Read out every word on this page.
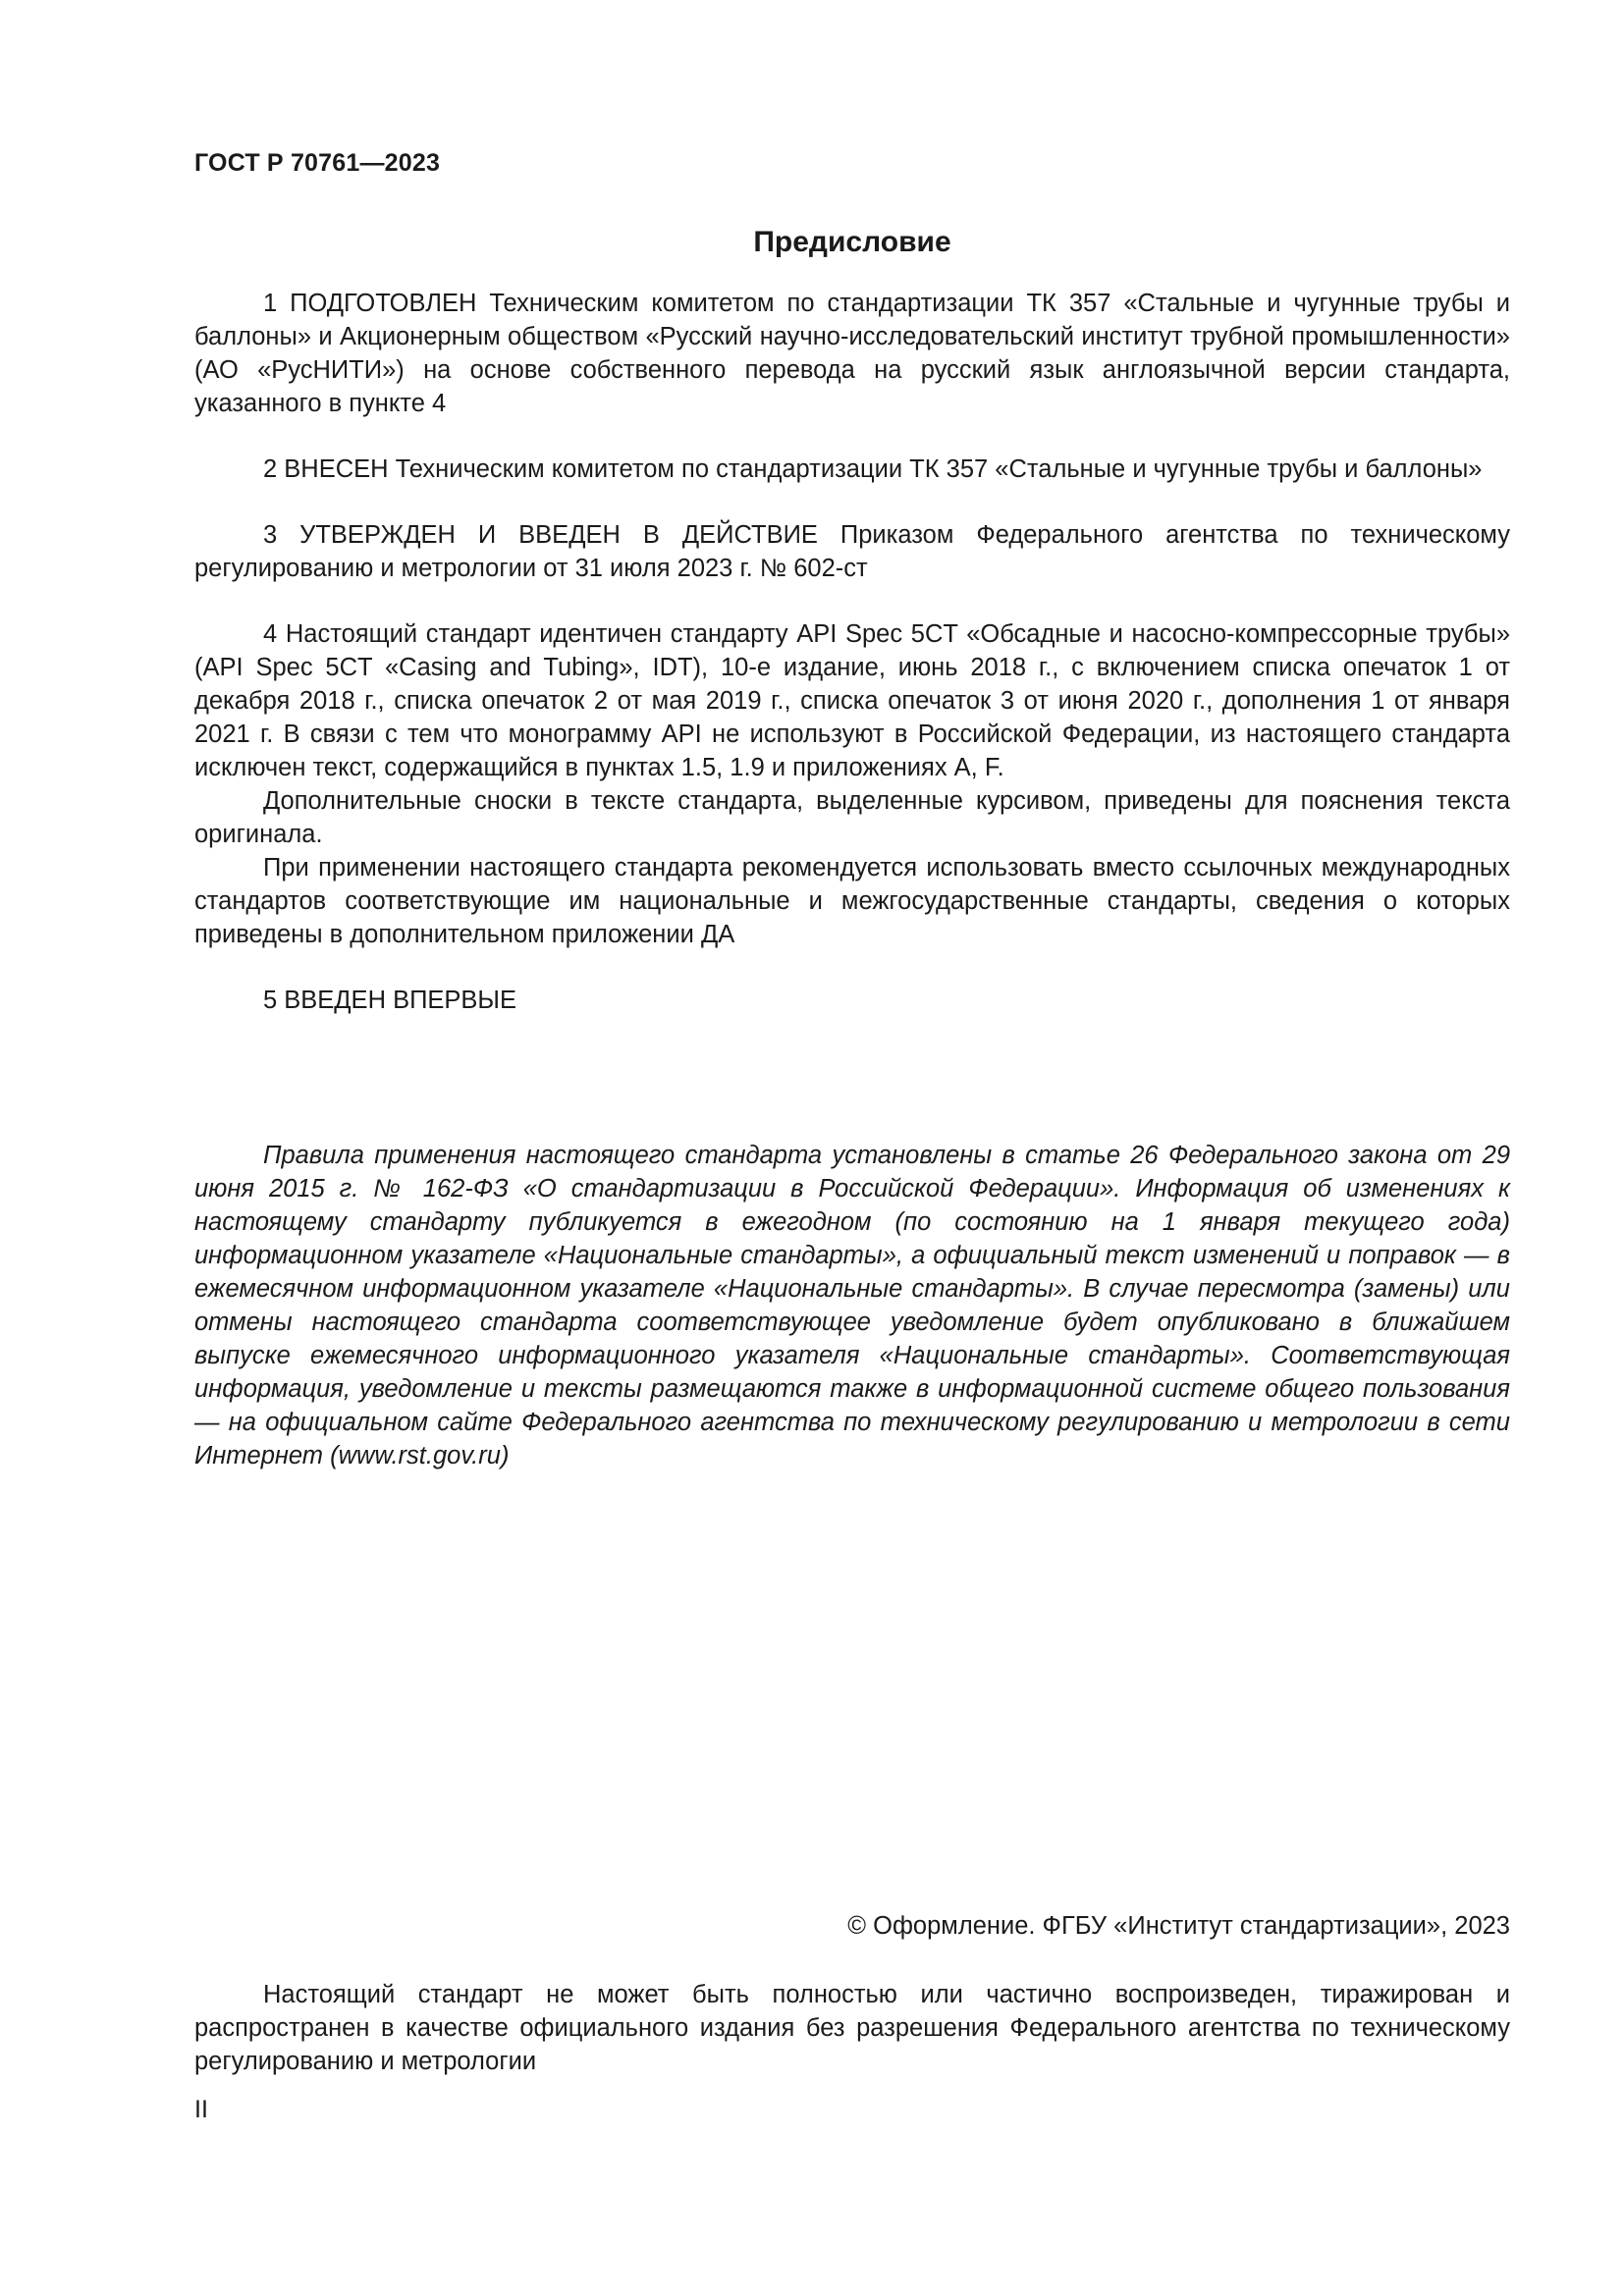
ГОСТ Р 70761—2023
Предисловие

1 ПОДГОТОВЛЕН Техническим комитетом по стандартизации ТК 357 «Стальные и чугунные трубы и баллоны» и Акционерным обществом «Русский научно-исследовательский институт трубной промышленности» (АО «РусНИТИ») на основе собственного перевода на русский язык англоязычной версии стандарта, указанного в пункте 4

2 ВНЕСЕН Техническим комитетом по стандартизации ТК 357 «Стальные и чугунные трубы и баллоны»

3 УТВЕРЖДЕН И ВВЕДЕН В ДЕЙСТВИЕ Приказом Федерального агентства по техническому регулированию и метрологии от 31 июля 2023 г. № 602-ст

4 Настоящий стандарт идентичен стандарту API Spec 5CT «Обсадные и насосно-компрессорные трубы» (API Spec 5CT «Casing and Tubing», IDT), 10-е издание, июнь 2018 г., с включением списка опечаток 1 от декабря 2018 г., списка опечаток 2 от мая 2019 г., списка опечаток 3 от июня 2020 г., дополнения 1 от января 2021 г. В связи с тем что монограмму API не используют в Российской Федерации, из настоящего стандарта исключен текст, содержащийся в пунктах 1.5, 1.9 и приложениях A, F.

Дополнительные сноски в тексте стандарта, выделенные курсивом, приведены для пояснения текста оригинала.

При применении настоящего стандарта рекомендуется использовать вместо ссылочных международных стандартов соответствующие им национальные и межгосударственные стандарты, сведения о которых приведены в дополнительном приложении ДА

5 ВВЕДЕН ВПЕРВЫЕ

Правила применения настоящего стандарта установлены в статье 26 Федерального закона от 29 июня 2015 г. № 162-ФЗ «О стандартизации в Российской Федерации». Информация об изменениях к настоящему стандарту публикуется в ежегодном (по состоянию на 1 января текущего года) информационном указателе «Национальные стандарты», а официальный текст изменений и поправок — в ежемесячном информационном указателе «Национальные стандарты». В случае пересмотра (замены) или отмены настоящего стандарта соответствующее уведомление будет опубликовано в ближайшем выпуске ежемесячного информационного указателя «Национальные стандарты». Соответствующая информация, уведомление и тексты размещаются также в информационной системе общего пользования — на официальном сайте Федерального агентства по техническому регулированию и метрологии в сети Интернет (www.rst.gov.ru)
© Оформление. ФГБУ «Институт стандартизации», 2023
Настоящий стандарт не может быть полностью или частично воспроизведен, тиражирован и распространен в качестве официального издания без разрешения Федерального агентства по техническому регулированию и метрологии
II
